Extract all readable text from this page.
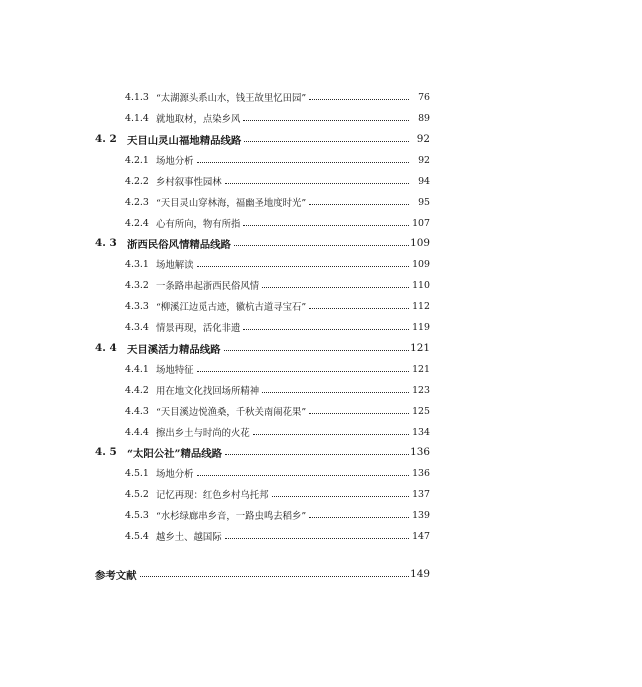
4.1.3 “太湖源头系山水，钱王故里忆田园”	76
4.1.4 就地取材，点染乡风	89
4. 2 天目山灵山福地精品线路	92
4.2.1 场地分析	92
4.2.2 乡村叙事性园林	94
4.2.3 “天目灵山穿林海，福幽圣地度时光”	95
4.2.4 心有所向，物有所指	107
4. 3 浙西民俗风情精品线路	109
4.3.1 场地解读	109
4.3.2 一条路串起浙西民俗风情	110
4.3.3 “柳溪江边觅古迹，徽杭古道寻宝石”	112
4.3.4 情景再现，活化非遗	119
4. 4 天目溪活力精品线路	121
4.4.1 场地特征	121
4.4.2 用在地文化找回场所精神	123
4.4.3 “天目溪边悦渔桑，千秋关南闹花果”	125
4.4.4 擦出乡土与时尚的火花	134
4. 5 “太阳公社”精品线路	136
4.5.1 场地分析	136
4.5.2 记忆再现：红色乡村乌托邦	137
4.5.3 “水杉绿廊串乡音，一路虫鸣去稻乡”	139
4.5.4 越乡土、越国际	147
参考文献	149
